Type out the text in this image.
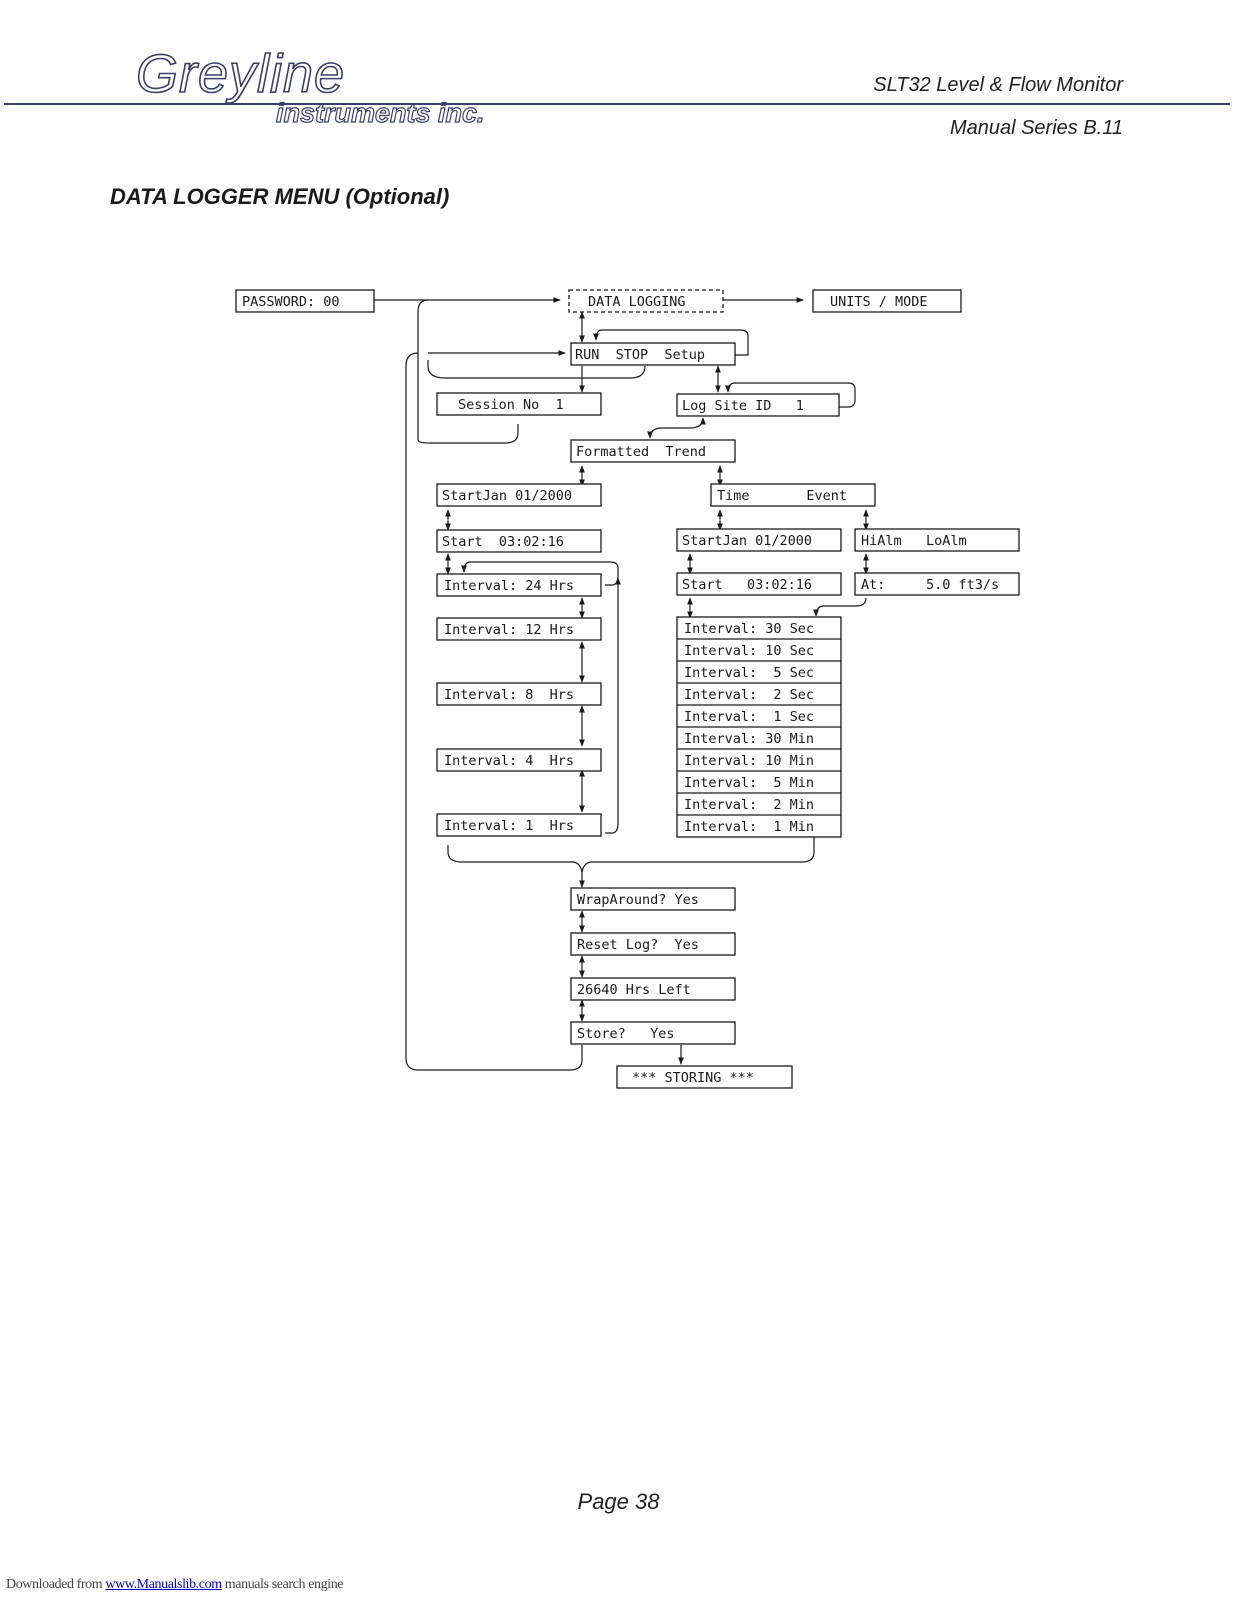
Greyline
instruments inc.
SLT32 Level & Flow Monitor
Manual Series B.11
DATA LOGGER MENU (Optional)
PASSWORD: 00	DATA LOGGING	UNITS / MODE
RUN  STOP  Setup
Session No  1	Log Site ID   1
Formatted  Trend
StartJan 01/2000
Start  03:02:16
Interval: 24 Hrs
Interval: 12 Hrs
Interval: 8  Hrs
Interval: 4  Hrs
Interval: 1  Hrs
Time       Event
StartJan 01/2000
Start   03:02:16
HiAlm   LoAlm
At:     5.0 ft3/s
Interval: 30 Sec
Interval: 10 Sec
Interval:  5 Sec
Interval:  2 Sec
Interval:  1 Sec
Interval: 30 Min
Interval: 10 Min
Interval:  5 Min
Interval:  2 Min
Interval:  1 Min
WrapAround? Yes
Reset Log?  Yes
26640 Hrs Left
Store?   Yes
*** STORING ***
Page 38
Downloaded from www.Manualslib.com manuals search engine
